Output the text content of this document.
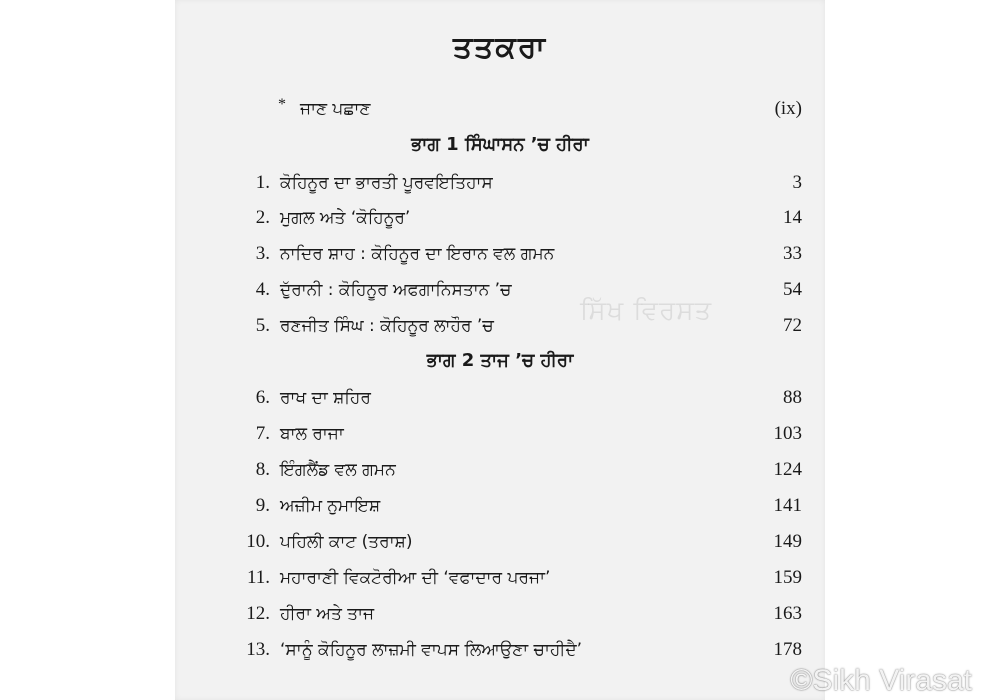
ਤਤਕਰਾ
* ਜਾਣ ਪਛਾਣ	(ix)
ਭਾਗ 1 ਸਿੰਘਾਸਨ ’ਚ ਹੀਰਾ
1. ਕੋਹਿਨੂਰ ਦਾ ਭਾਰਤੀ ਪੂਰਵਇਤਿਹਾਸ	3
2. ਮੁਗਲ ਅਤੇ ‘ਕੋਹਿਨੂਰ’	14
3. ਨਾਦਿਰ ਸ਼ਾਹ : ਕੋਹਿਨੂਰ ਦਾ ਇਰਾਨ ਵਲ ਗਮਨ	33
4. ਦੁੱਰਾਨੀ : ਕੋਹਿਨੂਰ ਅਫਗਾਨਿਸਤਾਨ ’ਚ	54
5. ਰਣਜੀਤ ਸਿੰਘ : ਕੋਹਿਨੂਰ ਲਾਹੌਰ ’ਚ	72
ਭਾਗ 2 ਤਾਜ ’ਚ ਹੀਰਾ
6. ਰਾਖ ਦਾ ਸ਼ਹਿਰ	88
7. ਬਾਲ ਰਾਜਾ	103
8. ਇੰਗਲੈਂਡ ਵਲ ਗਮਨ	124
9. ਅਜ਼ੀਮ ਨੁਮਾਇਸ਼	141
10. ਪਹਿਲੀ ਕਾਟ (ਤਰਾਸ਼)	149
11. ਮਹਾਰਾਣੀ ਵਿਕਟੋਰੀਆ ਦੀ ‘ਵਫਾਦਾਰ ਪਰਜਾ’	159
12. ਹੀਰਾ ਅਤੇ ਤਾਜ	163
13. ‘ਸਾਨੂੰ ਕੋਹਿਨੂਰ ਲਾਜ਼ਮੀ ਵਾਪਸ ਲਿਆਉਣਾ ਚਾਹੀਦੈ’	178
ਸਿੱਖ ਵਿਰਸਤ
©Sikh Virasat
